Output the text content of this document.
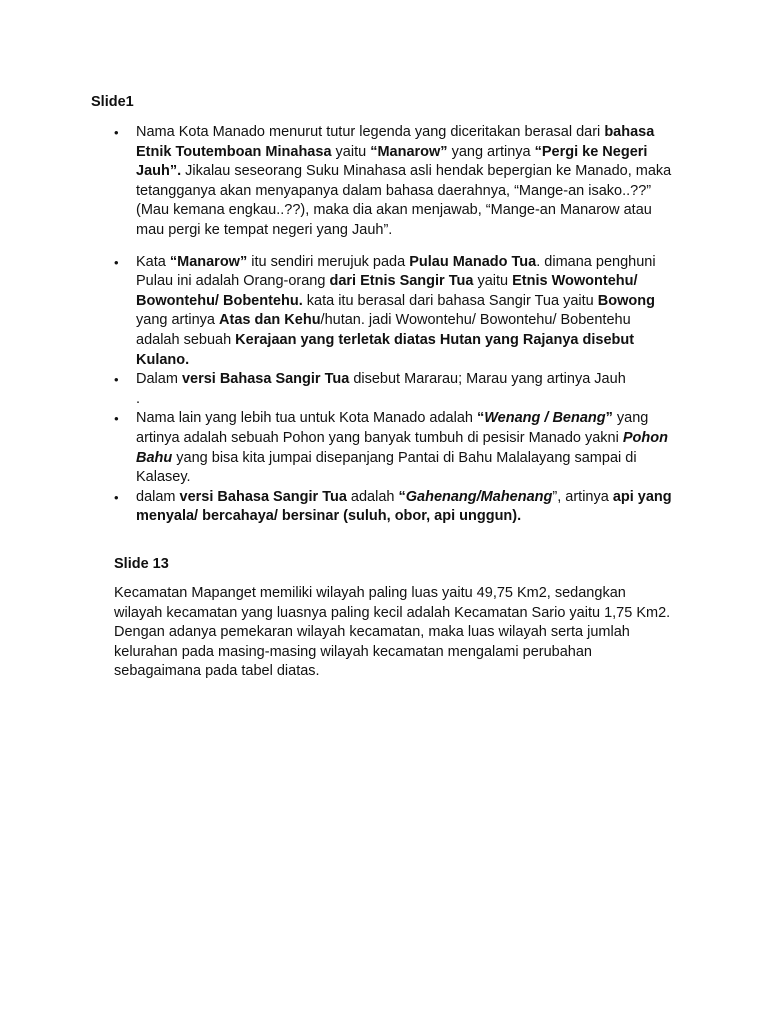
Slide1
•	Nama Kota Manado menurut tutur legenda yang diceritakan berasal dari bahasa Etnik Toutemboan Minahasa yaitu “Manarow” yang artinya “Pergi ke Negeri Jauh”. Jikalau seseorang Suku Minahasa asli hendak bepergian ke Manado, maka tetangganya akan menyapanya dalam bahasa daerahnya, “Mange-an isako..??” (Mau kemana engkau..??), maka dia akan menjawab, “Mange-an Manarow atau mau pergi ke tempat negeri yang Jauh”.
•	Kata “Manarow” itu sendiri merujuk pada Pulau Manado Tua. dimana penghuni Pulau ini adalah Orang-orang dari Etnis Sangir Tua yaitu Etnis Wowontehu/ Bowontehu/ Bobentehu. kata itu berasal dari bahasa Sangir Tua yaitu Bowong yang artinya Atas dan Kehu/hutan. jadi Wowontehu/ Bowontehu/ Bobentehu adalah sebuah Kerajaan yang terletak diatas Hutan yang Rajanya disebut Kulano.
•	Dalam versi Bahasa Sangir Tua disebut Mararau; Marau yang artinya Jauh
.
•	Nama lain yang lebih tua untuk Kota Manado adalah “Wenang / Benang” yang artinya adalah sebuah Pohon yang banyak tumbuh di pesisir Manado yakni Pohon Bahu yang bisa kita jumpai disepanjang Pantai di Bahu Malalayang sampai di Kalasey.
•	dalam versi Bahasa Sangir Tua adalah “Gahenang/Mahenang”, artinya api yang menyala/ bercahaya/ bersinar (suluh, obor, api unggun).
Slide 13

Kecamatan Mapanget memiliki wilayah paling luas yaitu 49,75 Km2, sedangkan wilayah kecamatan yang luasnya paling kecil adalah Kecamatan Sario yaitu 1,75 Km2. Dengan adanya pemekaran wilayah kecamatan, maka luas wilayah serta jumlah kelurahan pada masing-masing wilayah kecamatan mengalami perubahan sebagaimana pada tabel diatas.
